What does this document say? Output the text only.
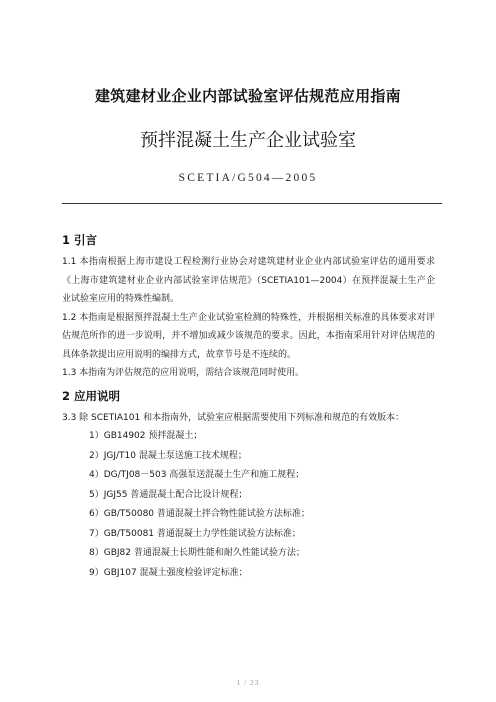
建筑建材业企业内部试验室评估规范应用指南
预拌混凝土生产企业试验室
SCETIA/G504—2005
1 引言

1.1 本指南根据上海市建设工程检测行业协会对建筑建材业企业内部试验室评估的通用要求《上海市建筑建材业企业内部试验室评估规范》（SCETIA101—2004）在预拌混凝土生产企业试验室应用的特殊性编制。

1.2 本指南是根据预拌混凝土生产企业试验室检测的特殊性，并根据相关标准的具体要求对评估规范所作的进一步说明，并不增加或减少该规范的要求。因此，本指南采用针对评估规范的具体条款提出应用说明的编排方式，故章节号是不连续的。

1.3 本指南为评估规范的应用说明，需结合该规范同时使用。

2 应用说明

3.3 除 SCETIA101 和本指南外，试验室应根据需要使用下列标准和规范的有效版本：

1）GB14902 预拌混凝土；
2）JGJ/T10 混凝土泵送施工技术规程；
4）DG/TJ08－503 高强泵送混凝土生产和施工规程；
5）JGJ55 普通混凝土配合比设计规程；
6）GB/T50080 普通混凝土拌合物性能试验方法标准；
7）GB/T50081 普通混凝土力学性能试验方法标准；
8）GBJ82 普通混凝土长期性能和耐久性能试验方法；
9）GBJ107 混凝土强度检验评定标准；
1 / 23
